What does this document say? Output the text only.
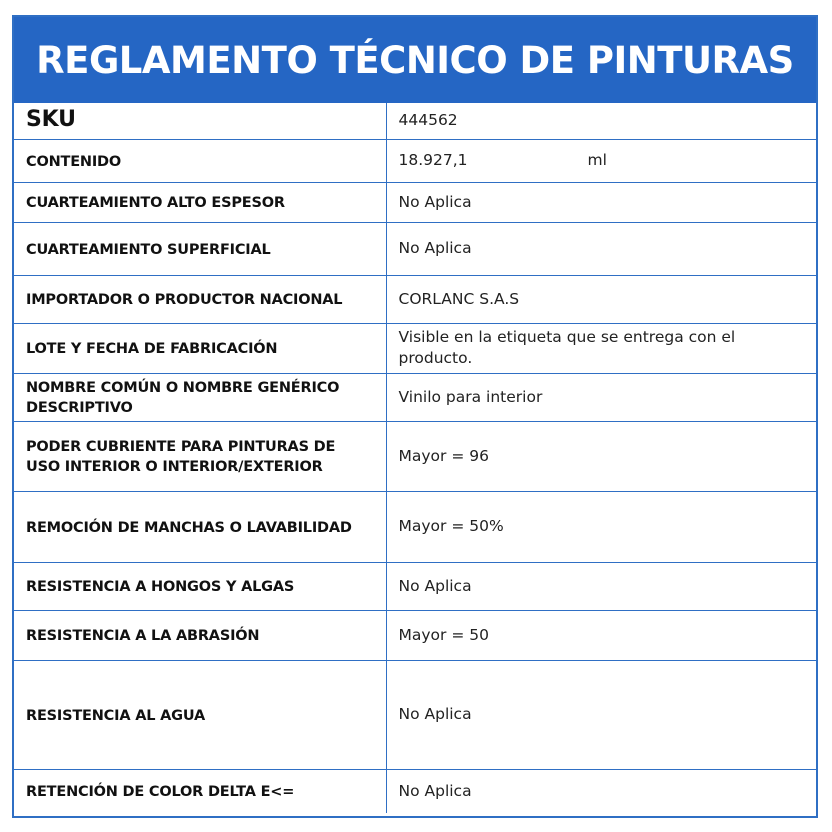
REGLAMENTO TÉCNICO DE PINTURAS
SKU	444562
CONTENIDO	18.927,1 ml
CUARTEAMIENTO ALTO ESPESOR	No Aplica
CUARTEAMIENTO SUPERFICIAL	No Aplica
IMPORTADOR O PRODUCTOR NACIONAL	CORLANC S.A.S
LOTE Y FECHA DE FABRICACIÓN	Visible en la etiqueta que se entrega con el producto.
NOMBRE COMÚN O NOMBRE GENÉRICO DESCRIPTIVO	Vinilo para interior
PODER CUBRIENTE PARA PINTURAS DE USO INTERIOR O INTERIOR/EXTERIOR	Mayor = 96
REMOCIÓN DE MANCHAS O LAVABILIDAD	Mayor = 50%
RESISTENCIA A HONGOS Y ALGAS	No Aplica
RESISTENCIA A LA ABRASIÓN	Mayor = 50
RESISTENCIA AL AGUA	No Aplica
RETENCIÓN DE COLOR DELTA E<=	No Aplica
